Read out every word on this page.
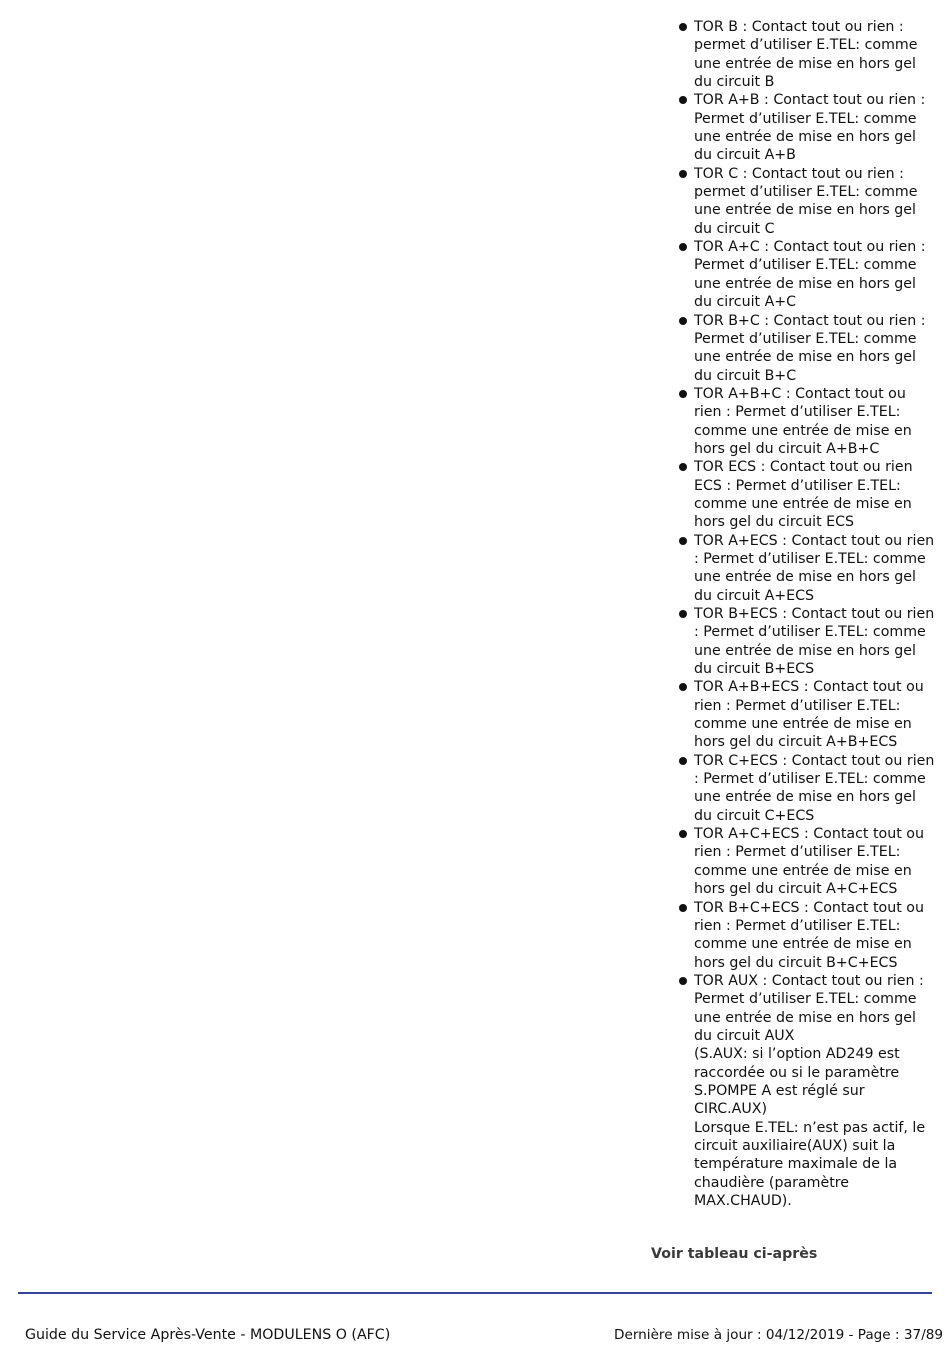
TOR B : Contact tout ou rien :
permet d’utiliser E.TEL: comme
une entrée de mise en hors gel
du circuit B
TOR A+B : Contact tout ou rien :
Permet d’utiliser E.TEL: comme
une entrée de mise en hors gel
du circuit A+B
TOR C : Contact tout ou rien :
permet d’utiliser E.TEL: comme
une entrée de mise en hors gel
du circuit C
TOR A+C : Contact tout ou rien :
Permet d’utiliser E.TEL: comme
une entrée de mise en hors gel
du circuit A+C
TOR B+C : Contact tout ou rien :
Permet d’utiliser E.TEL: comme
une entrée de mise en hors gel
du circuit B+C
TOR A+B+C : Contact tout ou
rien : Permet d’utiliser E.TEL:
comme une entrée de mise en
hors gel du circuit A+B+C
TOR ECS : Contact tout ou rien
ECS : Permet d’utiliser E.TEL:
comme une entrée de mise en
hors gel du circuit ECS
TOR A+ECS : Contact tout ou rien
: Permet d’utiliser E.TEL: comme
une entrée de mise en hors gel
du circuit A+ECS
TOR B+ECS : Contact tout ou rien
: Permet d’utiliser E.TEL: comme
une entrée de mise en hors gel
du circuit B+ECS
TOR A+B+ECS : Contact tout ou
rien : Permet d’utiliser E.TEL:
comme une entrée de mise en
hors gel du circuit A+B+ECS
TOR C+ECS : Contact tout ou rien
: Permet d’utiliser E.TEL: comme
une entrée de mise en hors gel
du circuit C+ECS
TOR A+C+ECS : Contact tout ou
rien : Permet d’utiliser E.TEL:
comme une entrée de mise en
hors gel du circuit A+C+ECS
TOR B+C+ECS : Contact tout ou
rien : Permet d’utiliser E.TEL:
comme une entrée de mise en
hors gel du circuit B+C+ECS
TOR AUX : Contact tout ou rien :
Permet d’utiliser E.TEL: comme
une entrée de mise en hors gel
du circuit AUX
(S.AUX: si l’option AD249 est
raccordée ou si le paramètre
S.POMPE A est réglé sur
CIRC.AUX)
Lorsque E.TEL: n’est pas actif, le
circuit auxiliaire(AUX) suit la
température maximale de la
chaudière (paramètre
MAX.CHAUD).
Voir tableau ci-après
Guide du Service Après-Vente - MODULENS O (AFC)	Dernière mise à jour : 04/12/2019 - Page : 37/89
